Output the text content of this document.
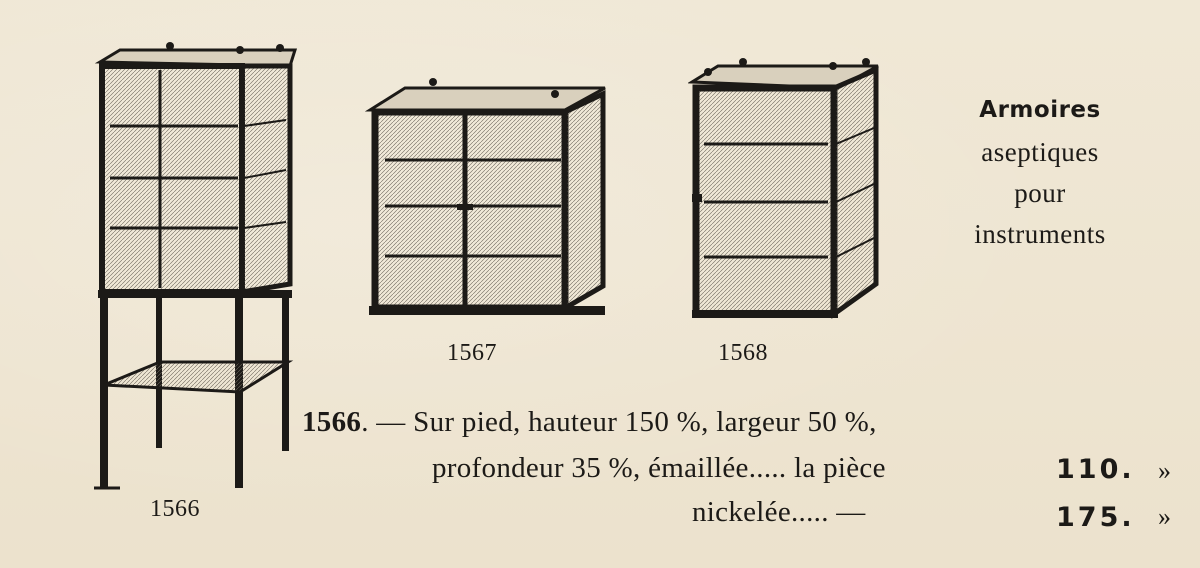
1566
1567	1568
Armoires
aseptiques
pour
instruments
1566. — Sur pied, hauteur 150 %, largeur 50 %,
profondeur 35 %, émaillée..... la pièce	110. »
nickelée..... —	175. »
